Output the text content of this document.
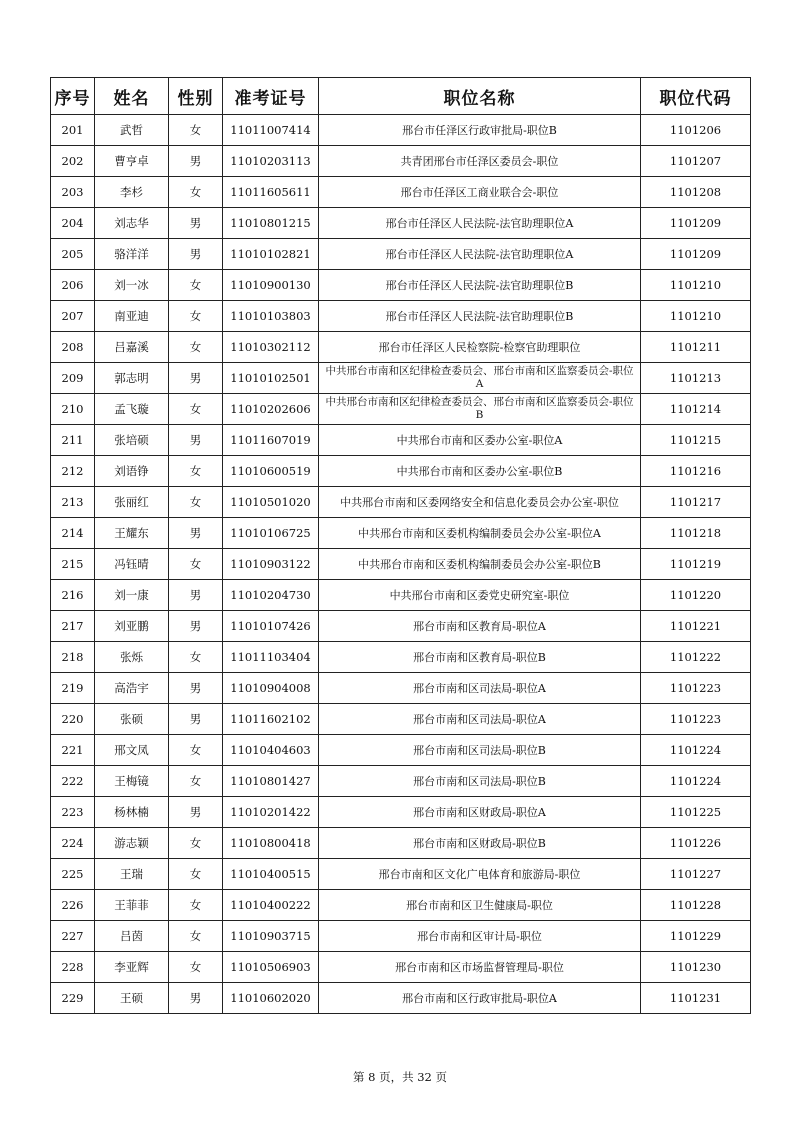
序号	姓名	性别	准考证号	职位名称	职位代码
201	武哲	女	11011007414	邢台市任泽区行政审批局-职位B	1101206
202	曹亨卓	男	11010203113	共青团邢台市任泽区委员会-职位	1101207
203	李杉	女	11011605611	邢台市任泽区工商业联合会-职位	1101208
204	刘志华	男	11010801215	邢台市任泽区人民法院-法官助理职位A	1101209
205	骆洋洋	男	11010102821	邢台市任泽区人民法院-法官助理职位A	1101209
206	刘一冰	女	11010900130	邢台市任泽区人民法院-法官助理职位B	1101210
207	南亚迪	女	11010103803	邢台市任泽区人民法院-法官助理职位B	1101210
208	吕嘉溪	女	11010302112	邢台市任泽区人民检察院-检察官助理职位	1101211
209	郭志明	男	11010102501	中共邢台市南和区纪律检查委员会、邢台市南和区监察委员会-职位A	1101213
210	孟飞璇	女	11010202606	中共邢台市南和区纪律检查委员会、邢台市南和区监察委员会-职位B	1101214
211	张培硕	男	11011607019	中共邢台市南和区委办公室-职位A	1101215
212	刘语铮	女	11010600519	中共邢台市南和区委办公室-职位B	1101216
213	张丽红	女	11010501020	中共邢台市南和区委网络安全和信息化委员会办公室-职位	1101217
214	王耀东	男	11010106725	中共邢台市南和区委机构编制委员会办公室-职位A	1101218
215	冯钰晴	女	11010903122	中共邢台市南和区委机构编制委员会办公室-职位B	1101219
216	刘一康	男	11010204730	中共邢台市南和区委党史研究室-职位	1101220
217	刘亚鹏	男	11010107426	邢台市南和区教育局-职位A	1101221
218	张烁	女	11011103404	邢台市南和区教育局-职位B	1101222
219	高浩宇	男	11010904008	邢台市南和区司法局-职位A	1101223
220	张硕	男	11011602102	邢台市南和区司法局-职位A	1101223
221	邢文凤	女	11010404603	邢台市南和区司法局-职位B	1101224
222	王梅镜	女	11010801427	邢台市南和区司法局-职位B	1101224
223	杨林楠	男	11010201422	邢台市南和区财政局-职位A	1101225
224	游志颖	女	11010800418	邢台市南和区财政局-职位B	1101226
225	王瑞	女	11010400515	邢台市南和区文化广电体育和旅游局-职位	1101227
226	王菲菲	女	11010400222	邢台市南和区卫生健康局-职位	1101228
227	吕茵	女	11010903715	邢台市南和区审计局-职位	1101229
228	李亚辉	女	11010506903	邢台市南和区市场监督管理局-职位	1101230
229	王硕	男	11010602020	邢台市南和区行政审批局-职位A	1101231
第 8 页，共 32 页
